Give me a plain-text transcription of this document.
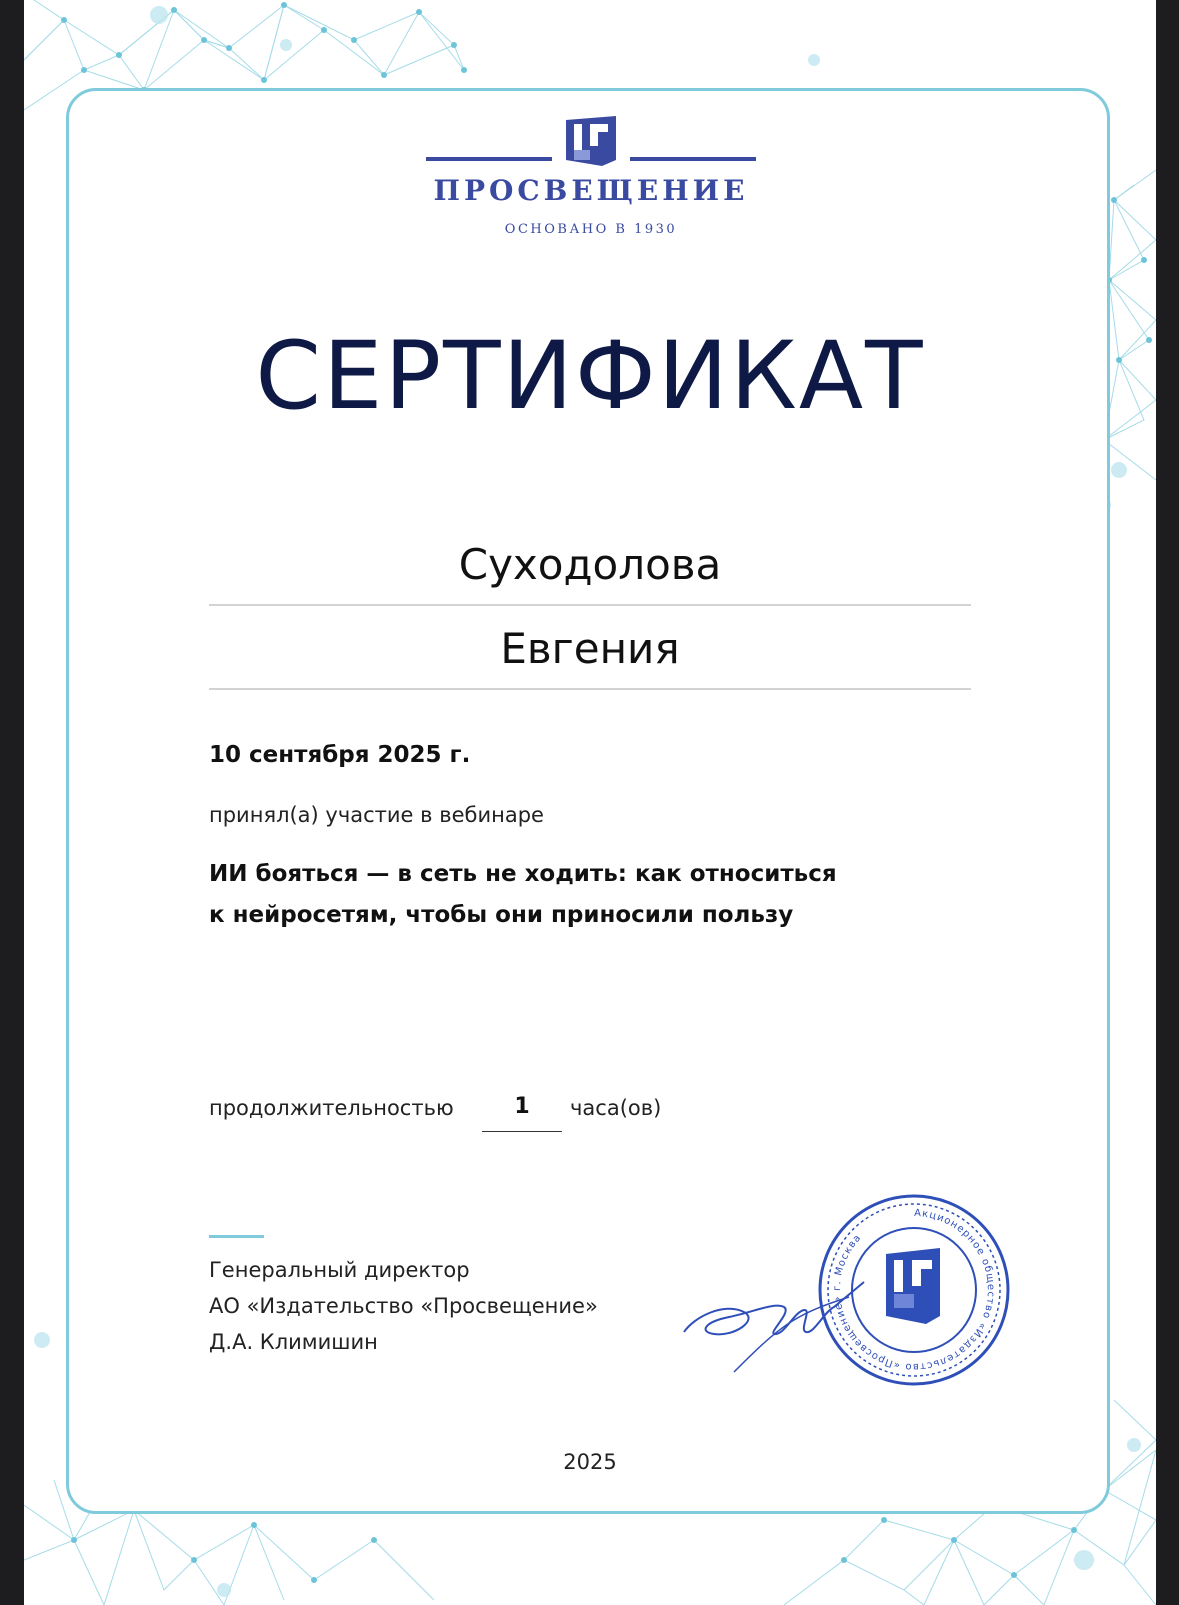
ПРОСВЕЩЕНИЕ
ОСНОВАНО В 1930
СЕРТИФИКАТ
Суходолова
Евгения
10 сентября 2025 г.
принял(а) участие в вебинаре
ИИ бояться — в сеть не ходить: как относиться
к нейросетям, чтобы они приносили пользу
продолжительностью	1	часа(ов)
Генеральный директор
АО «Издательство «Просвещение»
Д.А. Климишин
Акционерное общество «Издательство «Просвещение» г. Москва
2025
